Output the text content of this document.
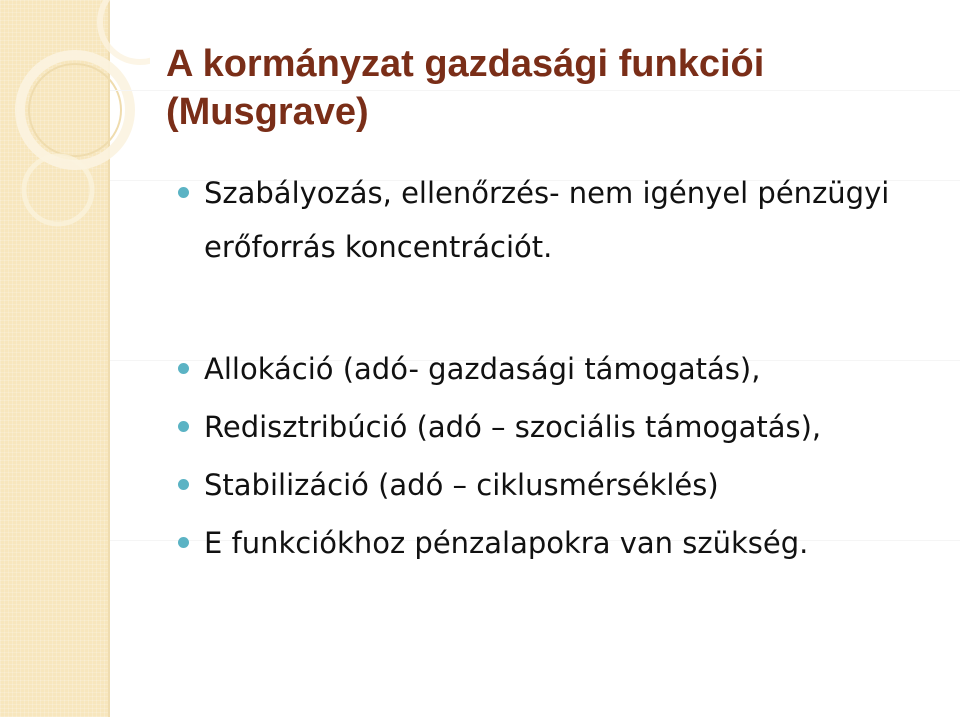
A kormányzat gazdasági funkciói (Musgrave)
Szabályozás, ellenőrzés- nem igényel pénzügyi erőforrás koncentrációt.
Allokáció (adó- gazdasági támogatás),
Redisztribúció (adó – szociális támogatás),
Stabilizáció (adó – ciklusmérséklés)
E funkciókhoz pénzalapokra van szükség.
